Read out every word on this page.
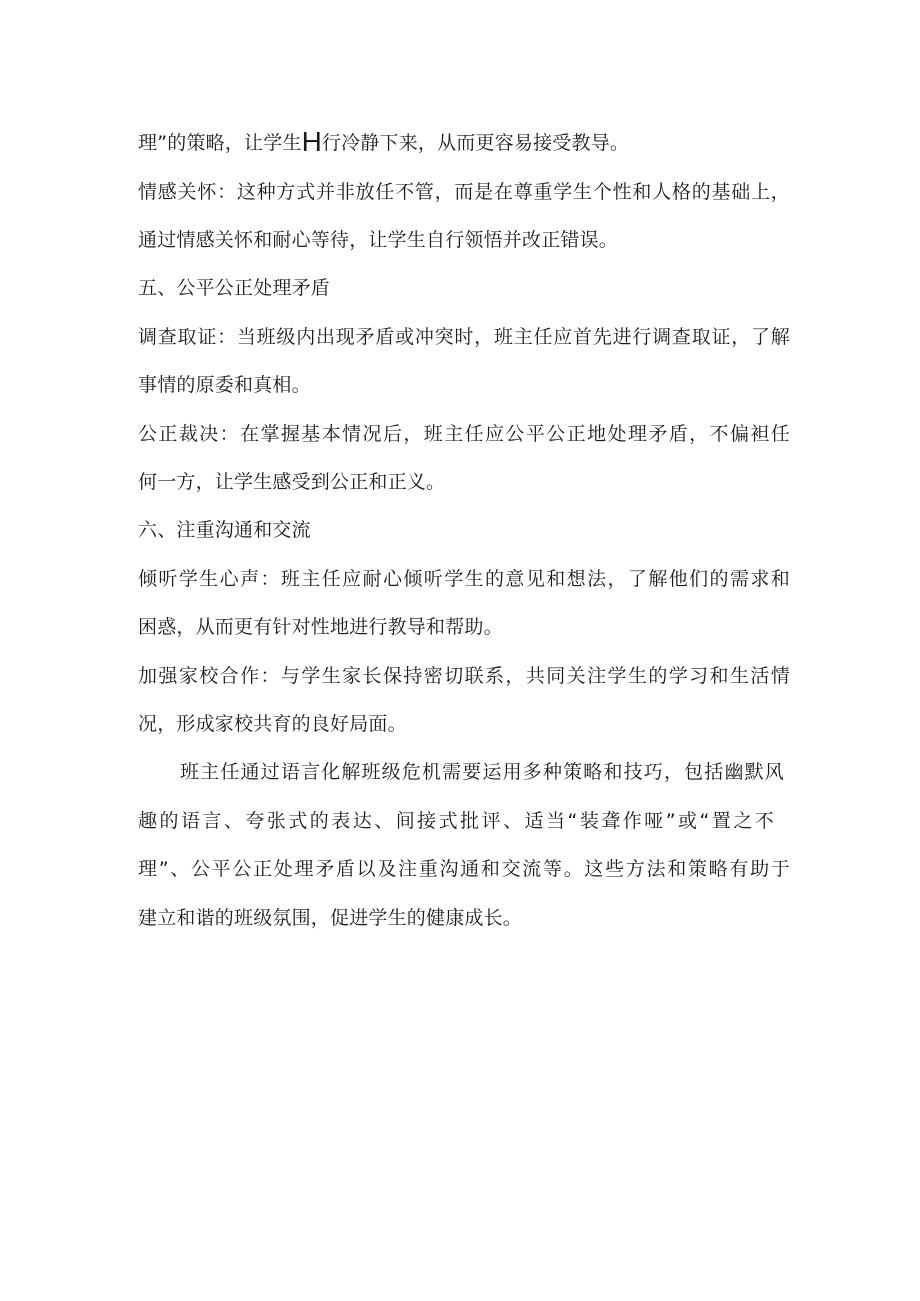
理”的策略，让学生H行冷静下来，从而更容易接受教导。
情感关怀：这种方式并非放任不管，而是在尊重学生个性和人格的基础上，
通过情感关怀和耐心等待，让学生自行领悟并改正错误。
五、公平公正处理矛盾
调查取证：当班级内出现矛盾或冲突时，班主任应首先进行调查取证，了解
事情的原委和真相。
公正裁决：在掌握基本情况后，班主任应公平公正地处理矛盾，不偏袒任
何一方，让学生感受到公正和正义。
六、注重沟通和交流
倾听学生心声：班主任应耐心倾听学生的意见和想法，了解他们的需求和
困惑，从而更有针对性地进行教导和帮助。
加强家校合作：与学生家长保持密切联系，共同关注学生的学习和生活情
况，形成家校共育的良好局面。
班主任通过语言化解班级危机需要运用多种策略和技巧，包括幽默风
趣的语言、夸张式的表达、间接式批评、适当“装聋作哑”或“置之不
理”、公平公正处理矛盾以及注重沟通和交流等。这些方法和策略有助于
建立和谐的班级氛围，促进学生的健康成长。
